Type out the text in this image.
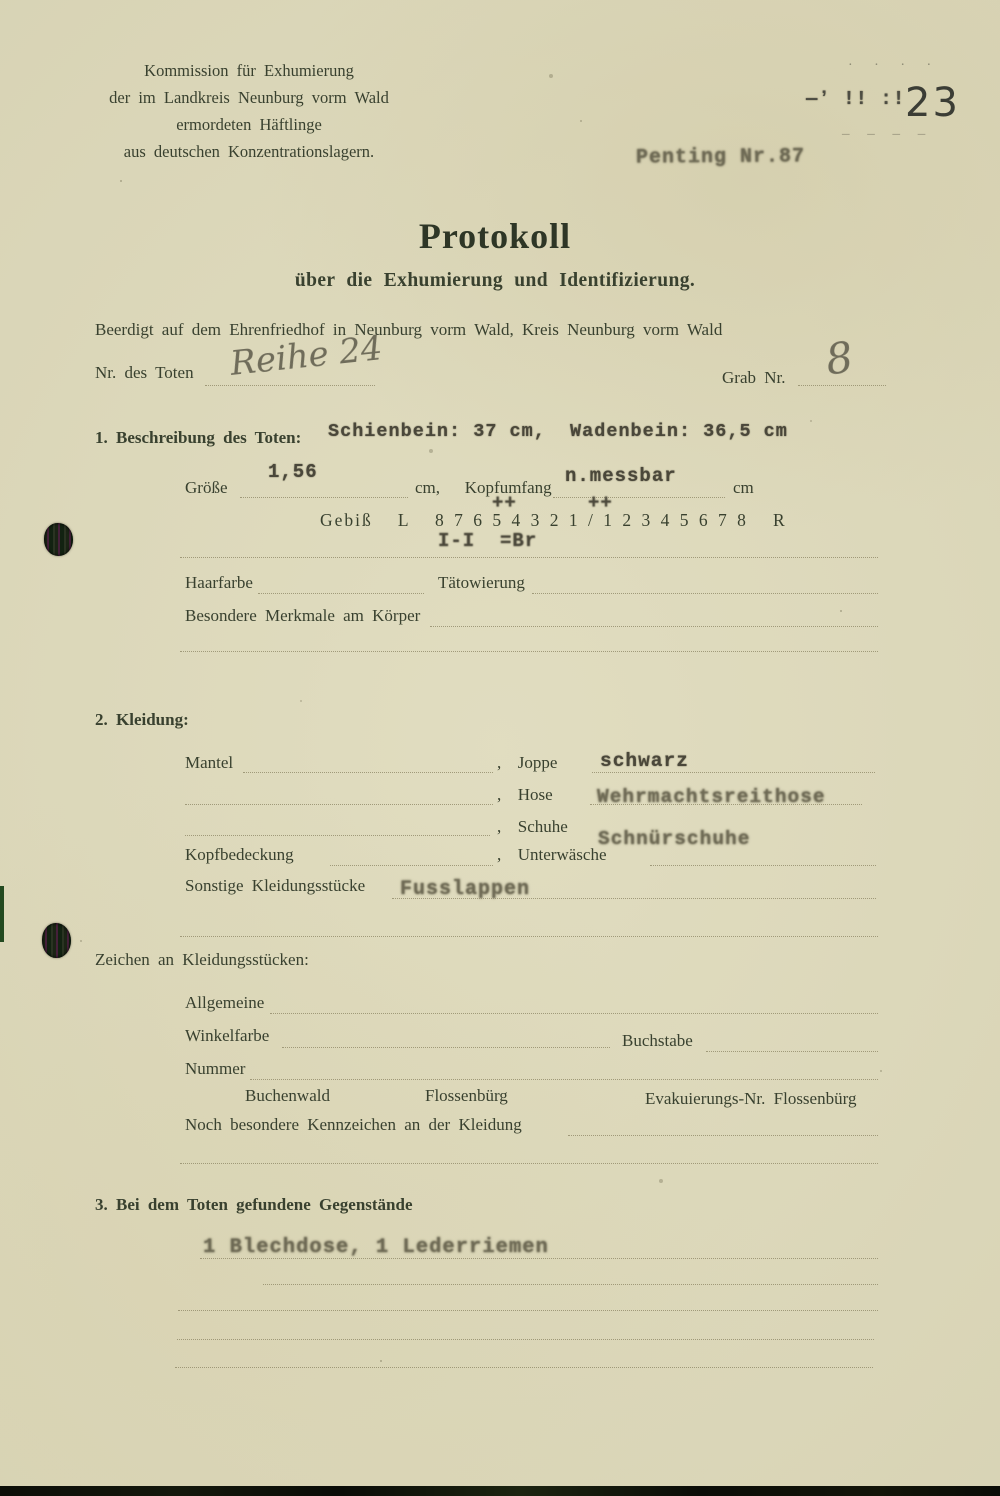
Kommission für Exhumierung
der im Landkreis Neunburg vorm Wald
ermordeten Häftlinge
aus deutschen Konzentrationslagern.
· · · ·
—ʼ !! :!
– – – –
23
Penting Nr.87
Protokoll
über die Exhumierung und Identifizierung.
Beerdigt auf dem Ehrenfriedhof in Neunburg vorm Wald, Kreis Neunburg vorm Wald
Nr. des Toten Reihe 24	Grab Nr. 8
1. Beschreibung des Toten: Schienbein: 37 cm,  Wadenbein: 36,5 cm
Größe
1,56
cm,   Kopfumfang
n.messbar
cm
++	++
Gebiß   L   8 7 6 5 4 3 2 1 / 1 2 3 4 5 6 7 8   R
I-I  =Br
Haarfarbe	Tätowierung
Besondere Merkmale am Körper
2. Kleidung:
Mantel	,  Joppe schwarz
,  Hose Wehrmachtsreithose
,  Schuhe
Schnürschuhe
Kopfbedeckung	,  Unterwäsche
Sonstige Kleidungsstücke Fusslappen
Zeichen an Kleidungsstücken:
Allgemeine
Winkelfarbe	Buchstabe
Nummer
Buchenwald	Flossenbürg	Evakuierungs-Nr. Flossenbürg
Noch besondere Kennzeichen an der Kleidung
3. Bei dem Toten gefundene Gegenstände
1 Blechdose, 1 Lederriemen
